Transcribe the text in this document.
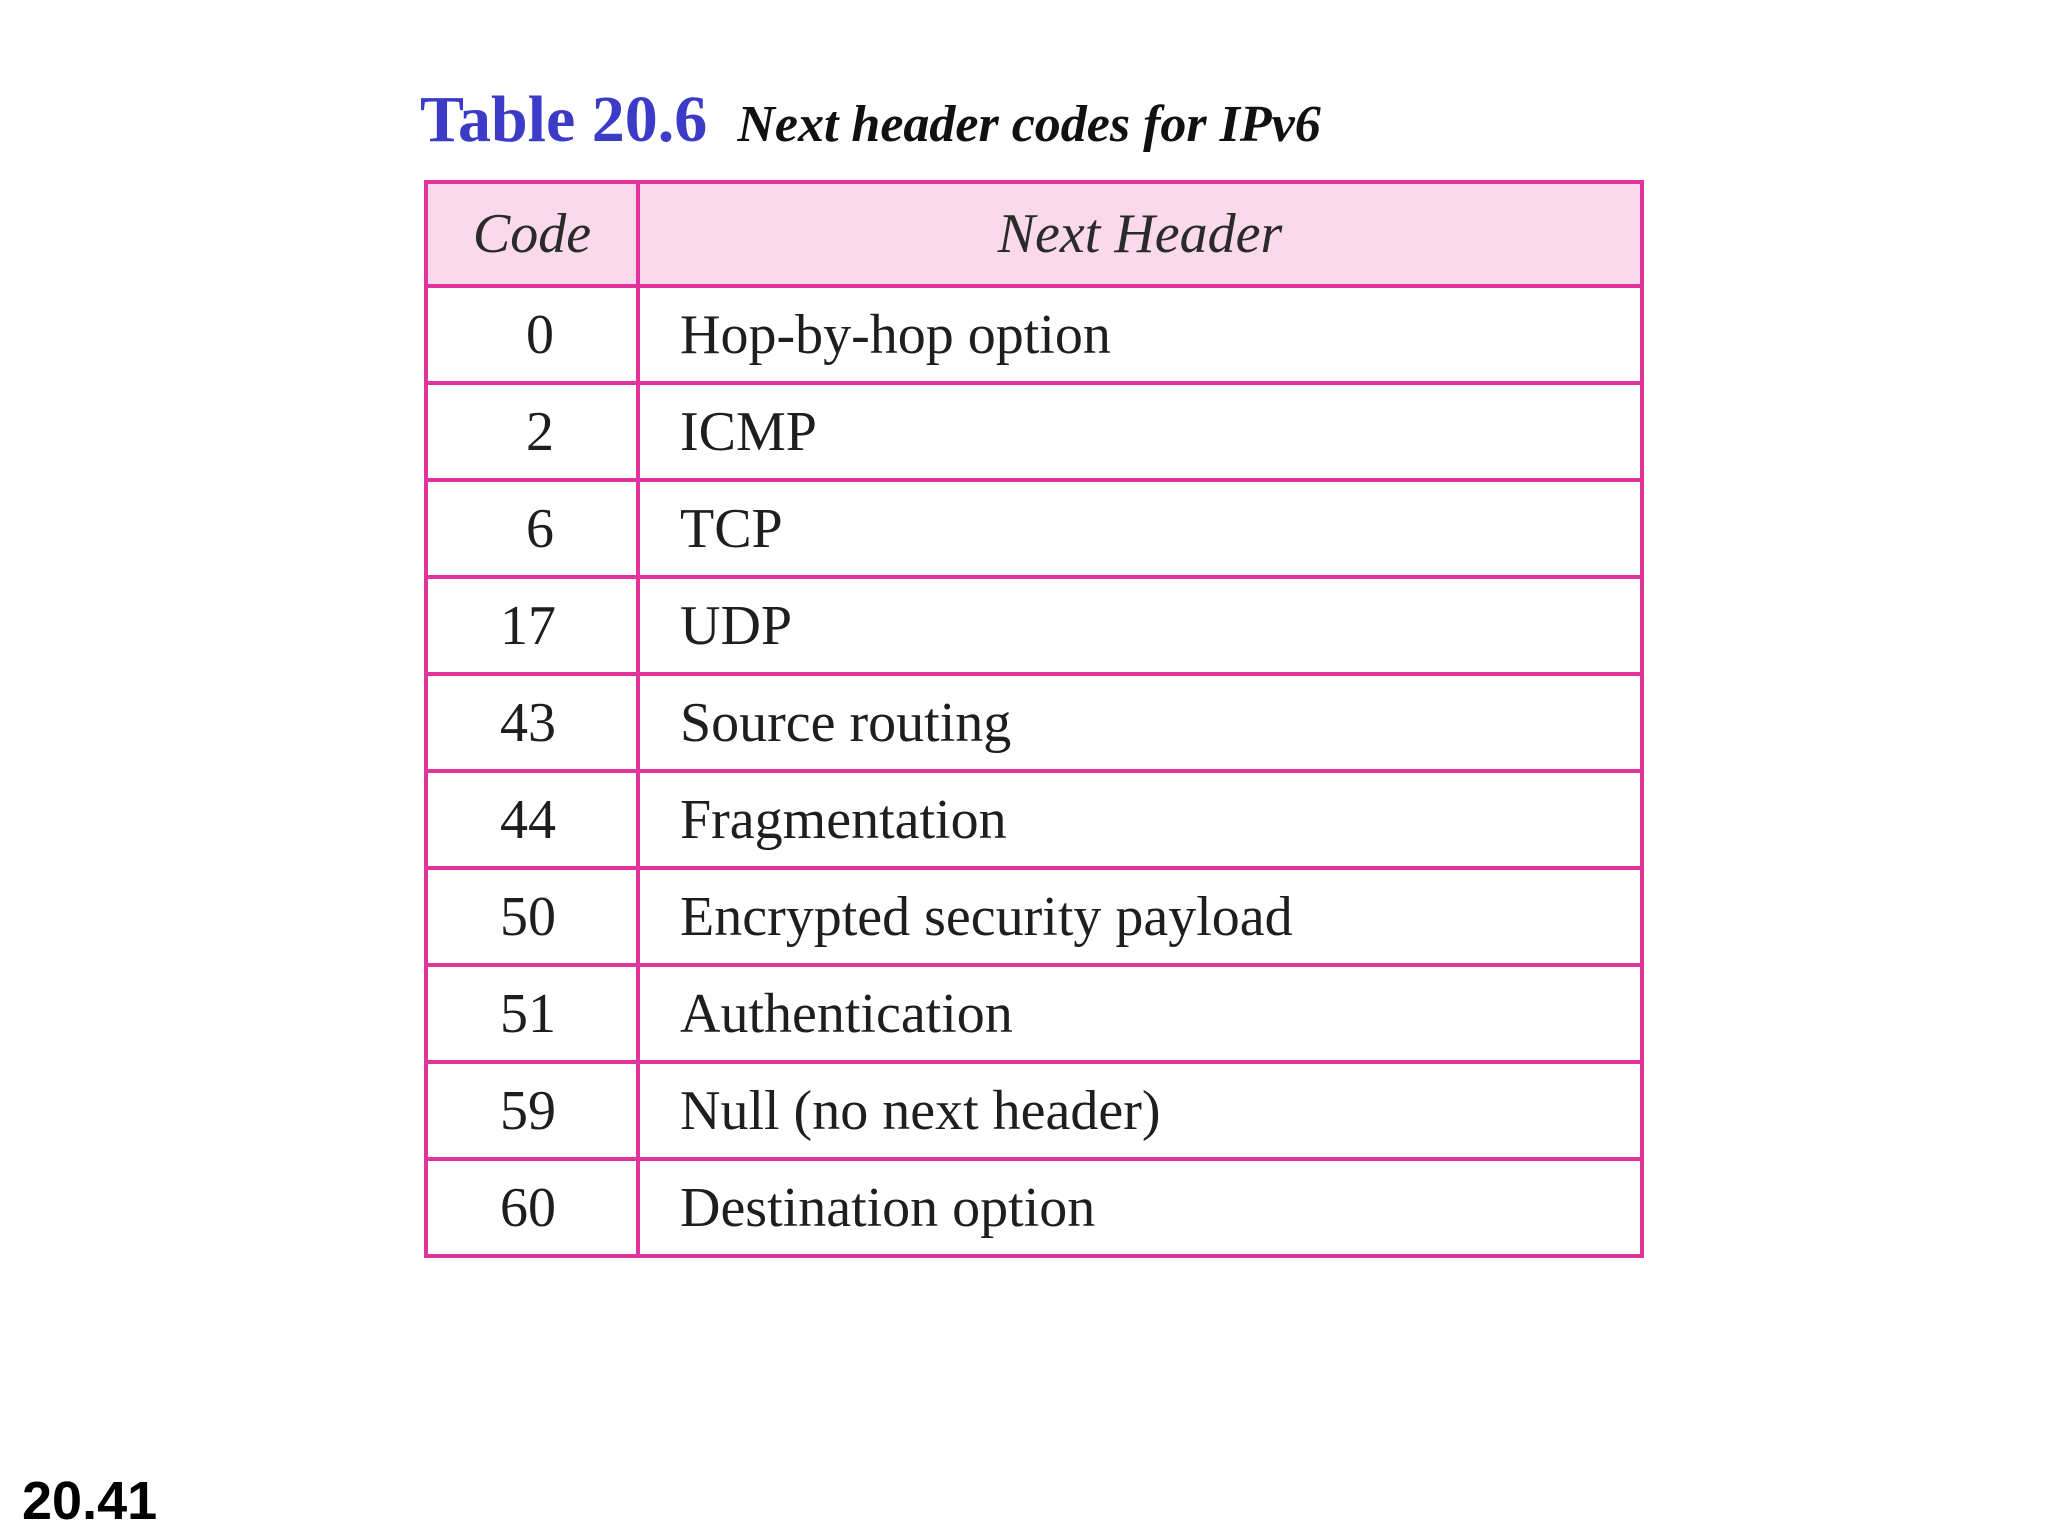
Table 20.6 Next header codes for IPv6
Code	Next Header
0	Hop-by-hop option
2	ICMP
6	TCP
17	UDP
43	Source routing
44	Fragmentation
50	Encrypted security payload
51	Authentication
59	Null (no next header)
60	Destination option
20.41
